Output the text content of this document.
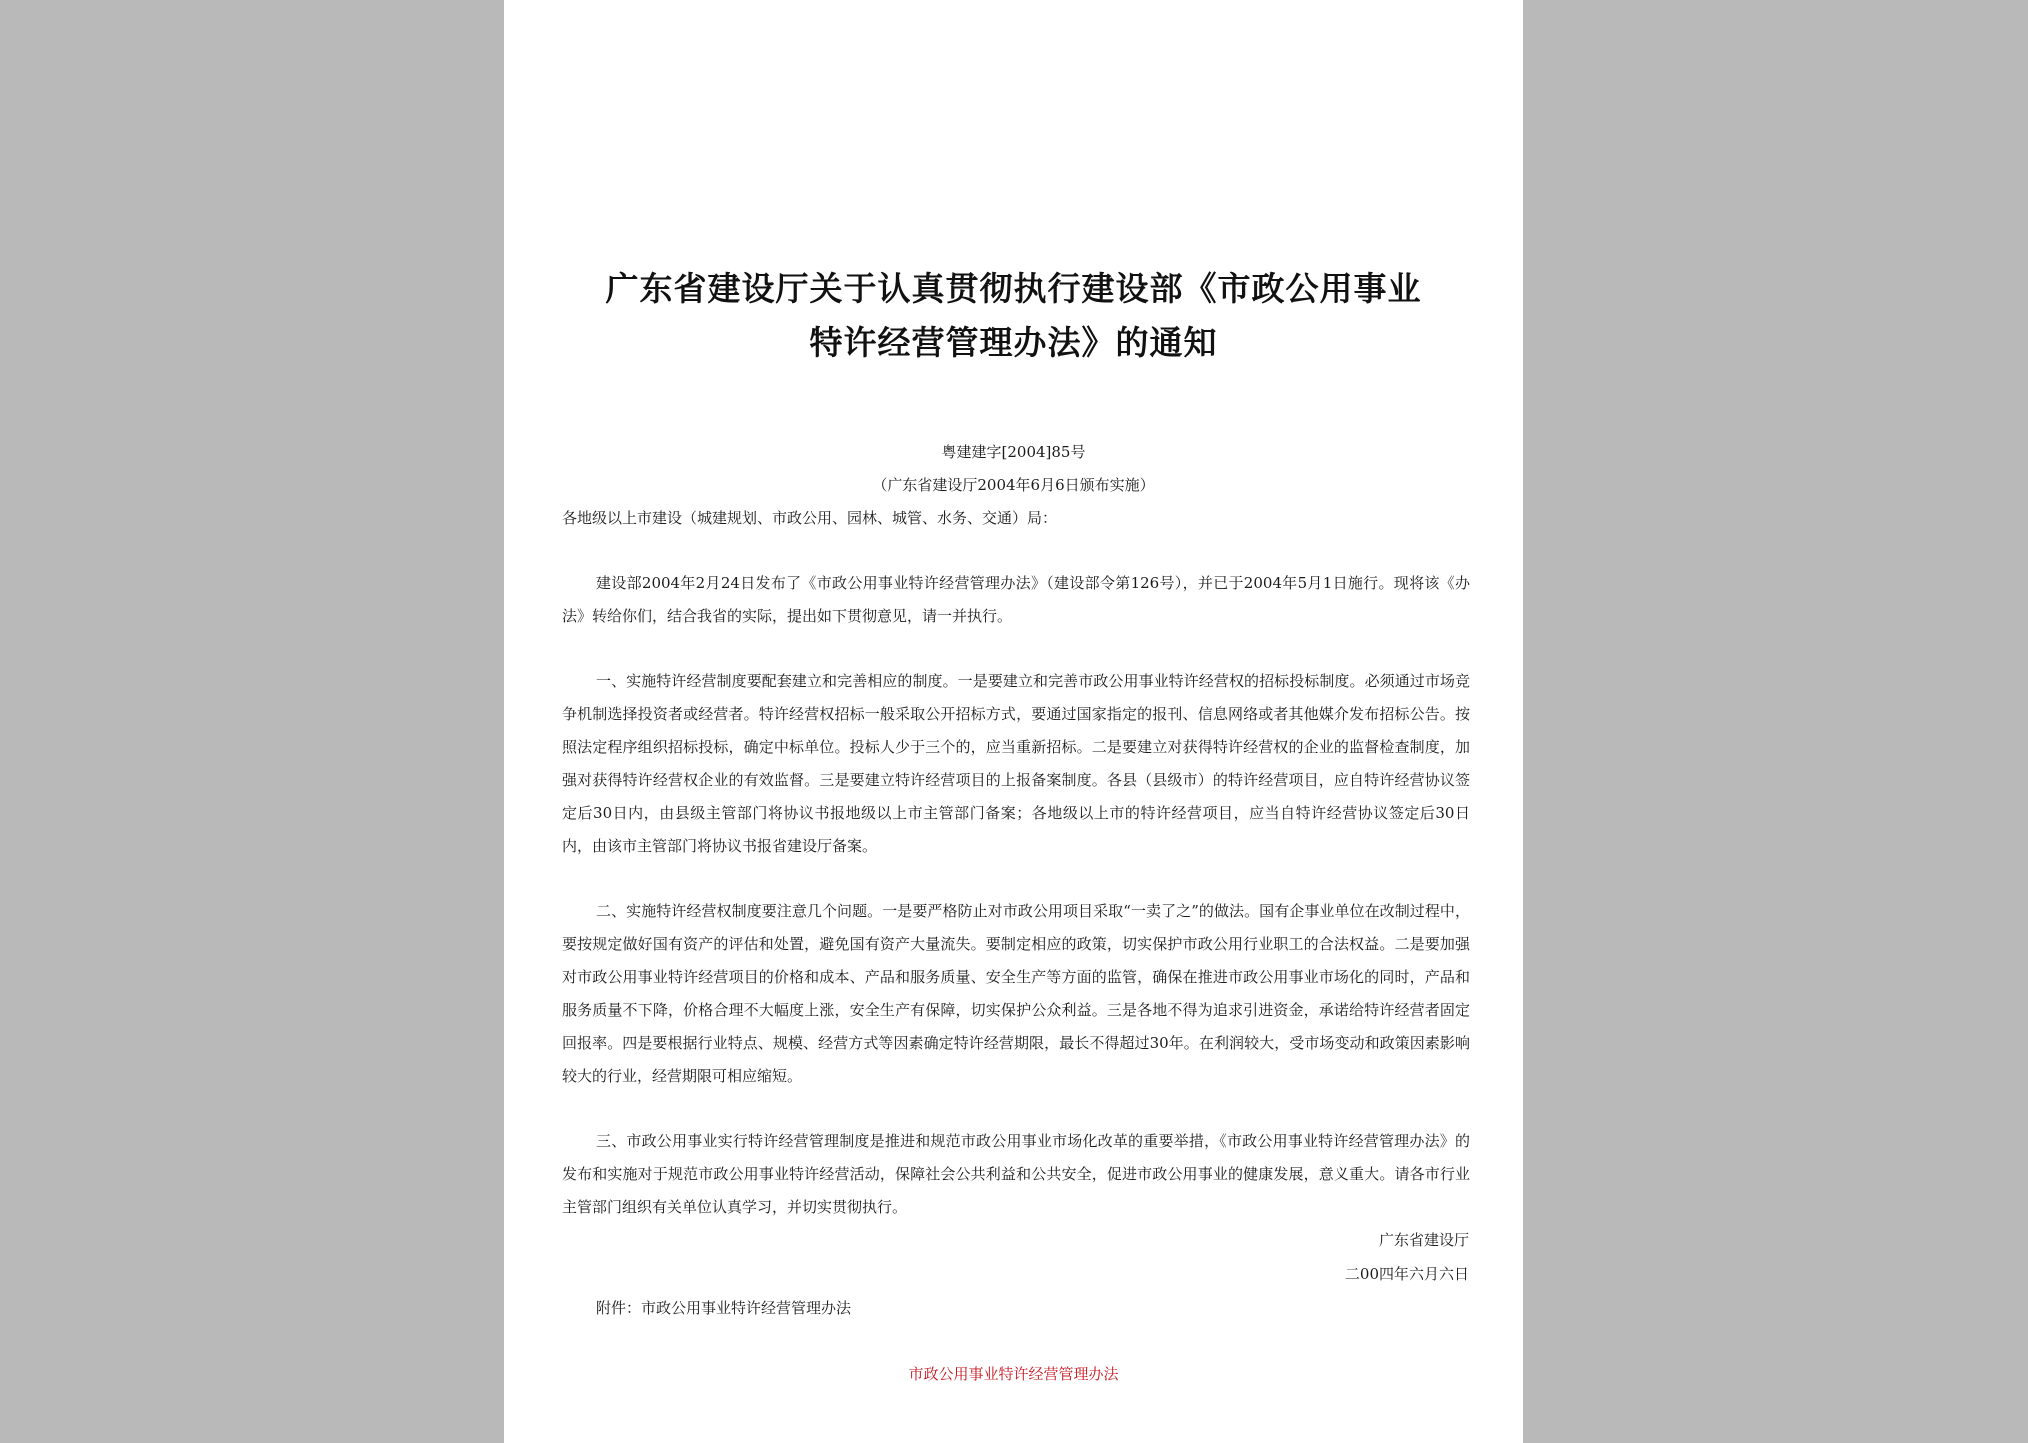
广东省建设厅关于认真贯彻执行建设部《市政公用事业
特许经营管理办法》的通知
粤建建字[2004]85号
（广东省建设厅2004年6月6日颁布实施）
各地级以上市建设（城建规划、市政公用、园林、城管、水务、交通）局：
建设部2004年2月24日发布了《市政公用事业特许经营管理办法》（建设部令第126号），并已于2004年5月1日施行。现将该《办法》转给你们，结合我省的实际，提出如下贯彻意见，请一并执行。
一、实施特许经营制度要配套建立和完善相应的制度。一是要建立和完善市政公用事业特许经营权的招标投标制度。必须通过市场竞争机制选择投资者或经营者。特许经营权招标一般采取公开招标方式，要通过国家指定的报刊、信息网络或者其他媒介发布招标公告。按照法定程序组织招标投标，确定中标单位。投标人少于三个的，应当重新招标。二是要建立对获得特许经营权的企业的监督检查制度，加强对获得特许经营权企业的有效监督。三是要建立特许经营项目的上报备案制度。各县（县级市）的特许经营项目，应自特许经营协议签定后30日内，由县级主管部门将协议书报地级以上市主管部门备案；各地级以上市的特许经营项目，应当自特许经营协议签定后30日内，由该市主管部门将协议书报省建设厅备案。
二、实施特许经营权制度要注意几个问题。一是要严格防止对市政公用项目采取“一卖了之”的做法。国有企事业单位在改制过程中，要按规定做好国有资产的评估和处置，避免国有资产大量流失。要制定相应的政策，切实保护市政公用行业职工的合法权益。二是要加强对市政公用事业特许经营项目的价格和成本、产品和服务质量、安全生产等方面的监管，确保在推进市政公用事业市场化的同时，产品和服务质量不下降，价格合理不大幅度上涨，安全生产有保障，切实保护公众利益。三是各地不得为追求引进资金，承诺给特许经营者固定回报率。四是要根据行业特点、规模、经营方式等因素确定特许经营期限，最长不得超过30年。在利润较大，受市场变动和政策因素影响较大的行业，经营期限可相应缩短。
三、市政公用事业实行特许经营管理制度是推进和规范市政公用事业市场化改革的重要举措，《市政公用事业特许经营管理办法》的发布和实施对于规范市政公用事业特许经营活动，保障社会公共利益和公共安全，促进市政公用事业的健康发展，意义重大。请各市行业主管部门组织有关单位认真学习，并切实贯彻执行。
广东省建设厅
二00四年六月六日
附件：市政公用事业特许经营管理办法
市政公用事业特许经营管理办法
